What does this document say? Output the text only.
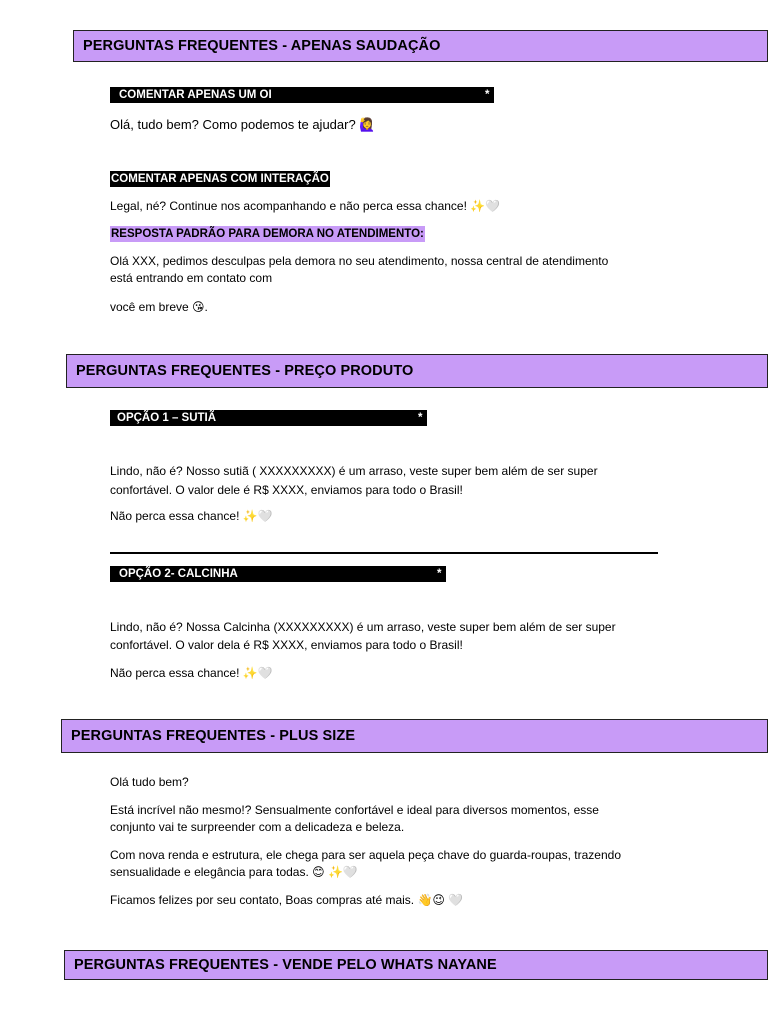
PERGUNTAS FREQUENTES - APENAS SAUDAÇÃO
COMENTAR APENAS UM OI	*
Olá, tudo bem? Como podemos te ajudar? 🙋‍♀️
COMENTAR APENAS COM INTERAÇÃO
Legal, né? Continue nos acompanhando e não perca essa chance! ✨🤍
RESPOSTA PADRÃO PARA DEMORA NO ATENDIMENTO:
Olá XXX, pedimos desculpas pela demora no seu atendimento, nossa central de atendimento
está entrando em contato com
você em breve 😘.
PERGUNTAS FREQUENTES - PREÇO PRODUTO
OPÇÃO 1 – SUTIÃ	*
Lindo, não é? Nosso sutiã ( XXXXXXXXX) é um arraso, veste super bem além de ser super
confortável. O valor dele é R$ XXXX, enviamos para todo o Brasil!
Não perca essa chance! ✨🤍
OPÇÃO 2- CALCINHA	*
Lindo, não é? Nossa Calcinha (XXXXXXXXX) é um arraso, veste super bem além de ser super
confortável. O valor dela é R$ XXXX, enviamos para todo o Brasil!
Não perca essa chance! ✨🤍
PERGUNTAS FREQUENTES - PLUS SIZE
Olá tudo bem?
Está incrível não mesmo!? Sensualmente confortável e ideal para diversos momentos, esse
conjunto vai te surpreender com a delicadeza e beleza.
Com nova renda e estrutura, ele chega para ser aquela peça chave do guarda-roupas, trazendo
sensualidade e elegância para todas. 😊 ✨🤍
Ficamos felizes por seu contato, Boas compras até mais. 👋😉 🤍
PERGUNTAS FREQUENTES - VENDE PELO WHATS NAYANE
